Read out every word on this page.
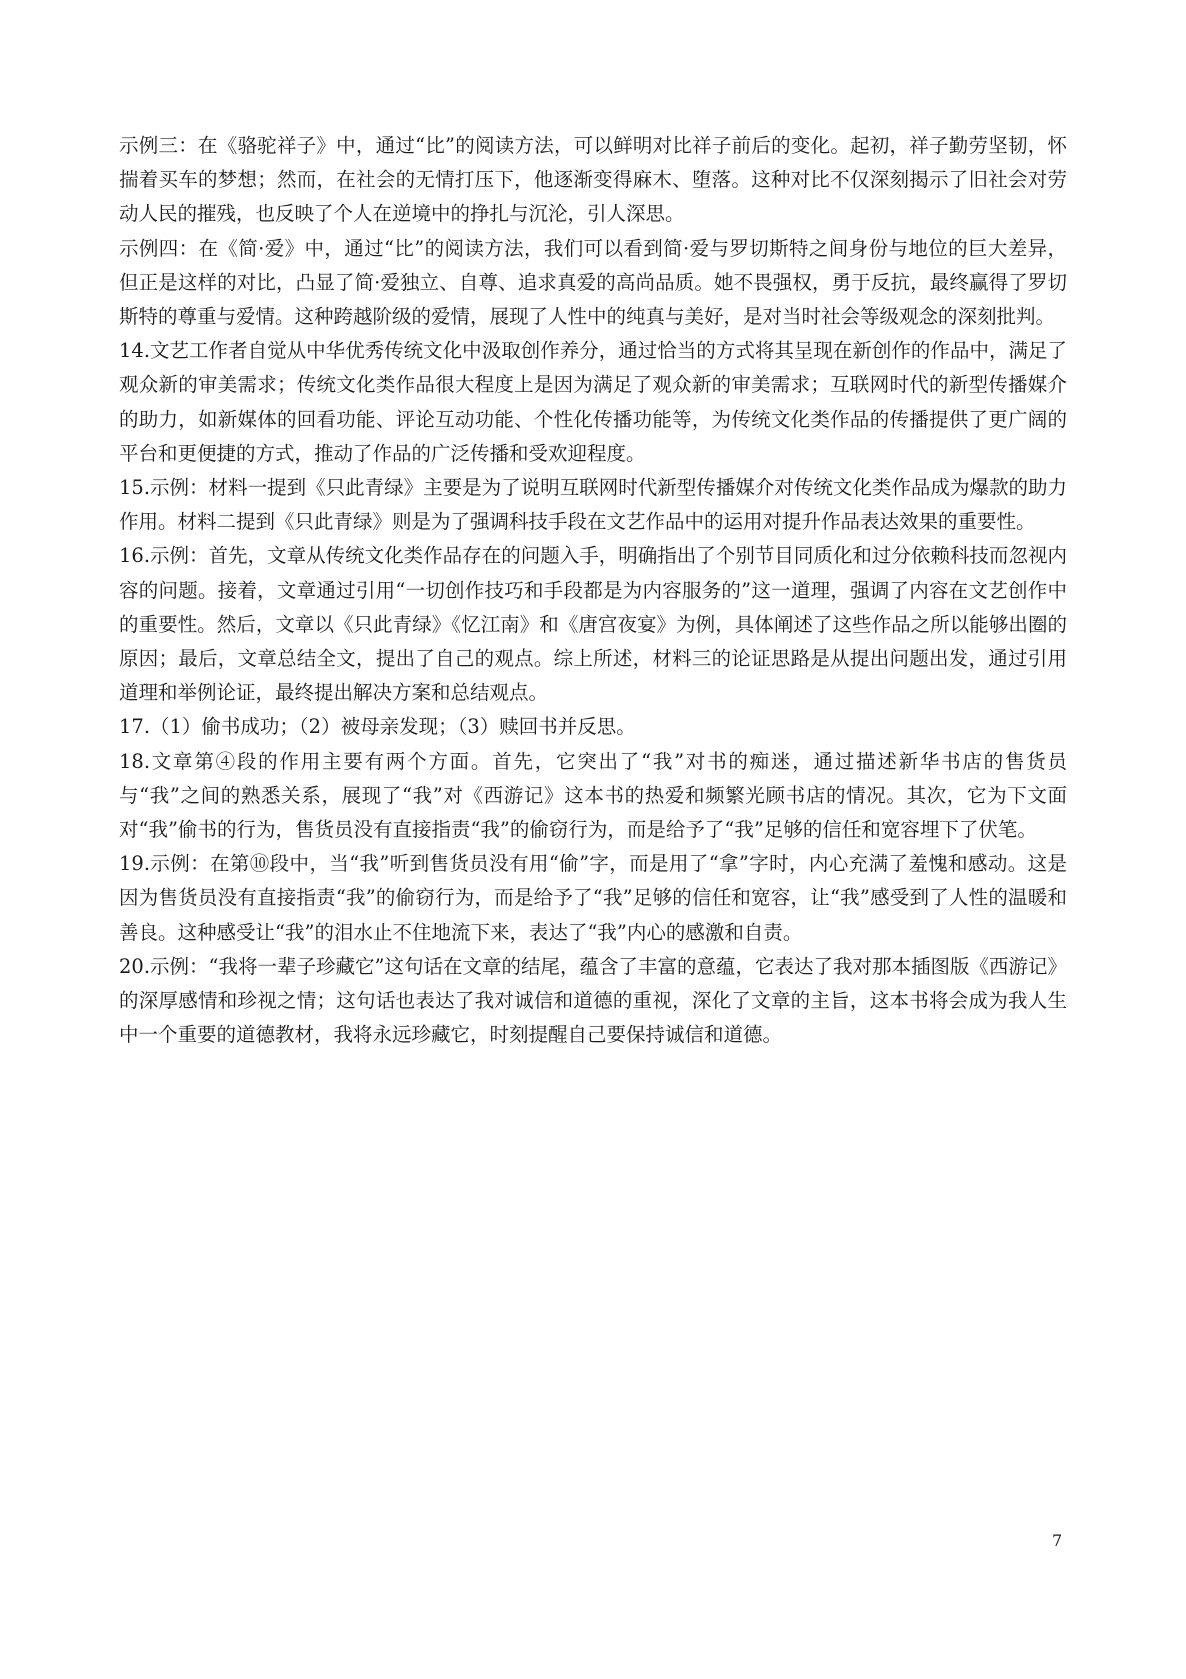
示例三：在《骆驼祥子》中，通过“比”的阅读方法，可以鲜明对比祥子前后的变化。起初，祥子勤劳坚韧，怀揣着买车的梦想；然而，在社会的无情打压下，他逐渐变得麻木、堕落。这种对比不仅深刻揭示了旧社会对劳动人民的摧残，也反映了个人在逆境中的挣扎与沉沦，引人深思。

示例四：在《简·爱》中，通过“比”的阅读方法，我们可以看到简·爱与罗切斯特之间身份与地位的巨大差异，但正是这样的对比，凸显了简·爱独立、自尊、追求真爱的高尚品质。她不畏强权，勇于反抗，最终赢得了罗切斯特的尊重与爱情。这种跨越阶级的爱情，展现了人性中的纯真与美好，是对当时社会等级观念的深刻批判。

14.文艺工作者自觉从中华优秀传统文化中汲取创作养分，通过恰当的方式将其呈现在新创作的作品中，满足了观众新的审美需求；传统文化类作品很大程度上是因为满足了观众新的审美需求；互联网时代的新型传播媒介的助力，如新媒体的回看功能、评论互动功能、个性化传播功能等，为传统文化类作品的传播提供了更广阔的平台和更便捷的方式，推动了作品的广泛传播和受欢迎程度。

15.示例：材料一提到《只此青绿》主要是为了说明互联网时代新型传播媒介对传统文化类作品成为爆款的助力作用。材料二提到《只此青绿》则是为了强调科技手段在文艺作品中的运用对提升作品表达效果的重要性。

16.示例：首先，文章从传统文化类作品存在的问题入手，明确指出了个别节目同质化和过分依赖科技而忽视内容的问题。接着，文章通过引用“一切创作技巧和手段都是为内容服务的”这一道理，强调了内容在文艺创作中的重要性。然后，文章以《只此青绿》《忆江南》和《唐宫夜宴》为例，具体阐述了这些作品之所以能够出圈的原因；最后，文章总结全文，提出了自己的观点。综上所述，材料三的论证思路是从提出问题出发，通过引用道理和举例论证，最终提出解决方案和总结观点。

17.（1）偷书成功；（2）被母亲发现；（3）赎回书并反思。

18.文章第④段的作用主要有两个方面。首先，它突出了“我”对书的痴迷，通过描述新华书店的售货员与“我”之间的熟悉关系，展现了“我”对《西游记》这本书的热爱和频繁光顾书店的情况。其次，它为下文面对“我”偷书的行为，售货员没有直接指责“我”的偷窃行为，而是给予了“我”足够的信任和宽容埋下了伏笔。

19.示例：在第⑩段中，当“我”听到售货员没有用“偷”字，而是用了“拿”字时，内心充满了羞愧和感动。这是因为售货员没有直接指责“我”的偷窃行为，而是给予了“我”足够的信任和宽容，让“我”感受到了人性的温暖和善良。这种感受让“我”的泪水止不住地流下来，表达了“我”内心的感激和自责。

20.示例：“我将一辈子珍藏它”这句话在文章的结尾，蕴含了丰富的意蕴，它表达了我对那本插图版《西游记》的深厚感情和珍视之情；这句话也表达了我对诚信和道德的重视，深化了文章的主旨，这本书将会成为我人生中一个重要的道德教材，我将永远珍藏它，时刻提醒自己要保持诚信和道德。

7
